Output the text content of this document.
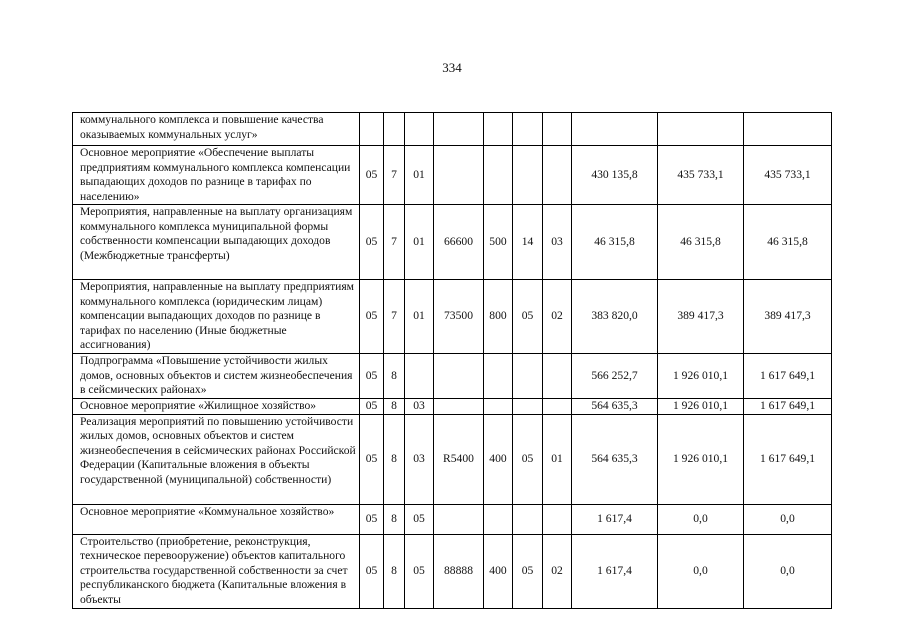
334
коммунального комплекса и повышение качества оказываемых коммунальных услуг»										
Основное мероприятие «Обеспечение выплаты предприятиям коммунального комплекса компенсации выпадающих доходов по разнице в тарифах по населению»	05	7	01					430 135,8	435 733,1	435 733,1
Мероприятия, направленные на выплату организациям коммунального комплекса муниципальной формы собственности компенсации выпадающих доходов (Межбюджетные трансферты)	05	7	01	66600	500	14	03	46 315,8	46 315,8	46 315,8
Мероприятия, направленные на выплату предприятиям коммунального комплекса (юридическим лицам) компенсации выпадающих доходов по разнице в тарифах по населению (Иные бюджетные ассигнования)	05	7	01	73500	800	05	02	383 820,0	389 417,3	389 417,3
Подпрограмма «Повышение устойчивости жилых домов, основных объектов и систем жизнеобеспечения в сейсмических районах»	05	8						566 252,7	1 926 010,1	1 617 649,1
Основное мероприятие «Жилищное хозяйство»	05	8	03					564 635,3	1 926 010,1	1 617 649,1
Реализация мероприятий по повышению устойчивости жилых домов, основных объектов и систем жизнеобеспечения в сейсмических районах Российской Федерации (Капитальные вложения в объекты государственной (муниципальной) собственности)	05	8	03	R5400	400	05	01	564 635,3	1 926 010,1	1 617 649,1
Основное мероприятие «Коммунальное хозяйство»	05	8	05					1 617,4	0,0	0,0
Строительство (приобретение, реконструкция, техническое перевооружение) объектов капитального строительства государственной собственности за счет республиканского бюджета (Капитальные вложения в объекты	05	8	05	88888	400	05	02	1 617,4	0,0	0,0
